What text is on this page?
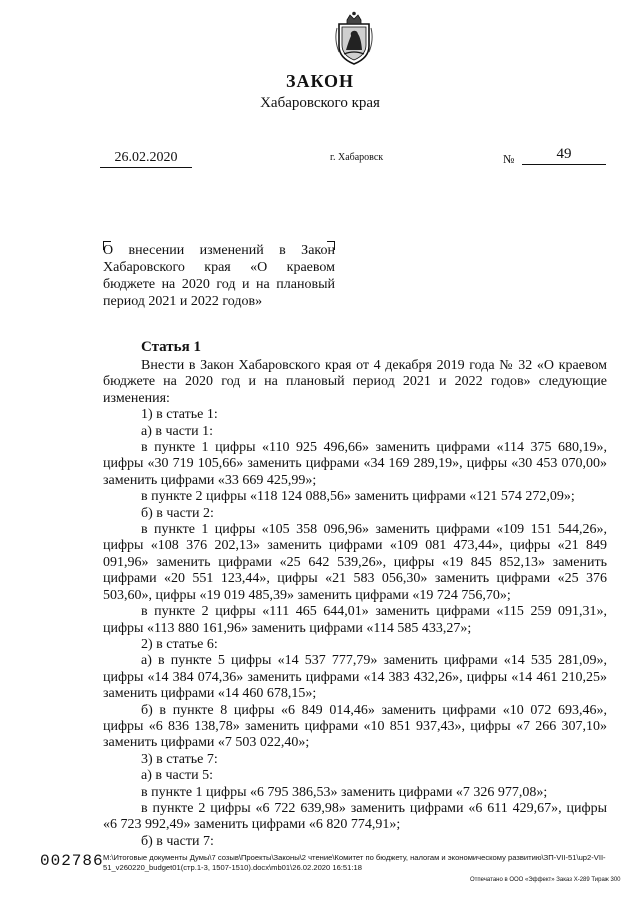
ЗАКОН
Хабаровского края
26.02.2020	г. Хабаровск	№	49
О внесении изменений в Закон Хабаровского края «О краевом бюджете на 2020 год и на плановый период 2021 и 2022 годов»
Статья 1

Внести в Закон Хабаровского края от 4 декабря 2019 года № 32 «О краевом бюджете на 2020 год и на плановый период 2021 и 2022 годов» следующие изменения:

1) в статье 1:

а) в части 1:

в пункте 1 цифры «110 925 496,66» заменить цифрами «114 375 680,19», цифры «30 719 105,66» заменить цифрами «34 169 289,19», цифры «30 453 070,00» заменить цифрами «33 669 425,99»;

в пункте 2 цифры «118 124 088,56» заменить цифрами «121 574 272,09»;

б) в части 2:

в пункте 1 цифры «105 358 096,96» заменить цифрами «109 151 544,26», цифры «108 376 202,13» заменить цифрами «109 081 473,44», цифры «21 849 091,96» заменить цифрами «25 642 539,26», цифры «19 845 852,13» заменить цифрами «20 551 123,44», цифры «21 583 056,30» заменить цифрами «25 376 503,60», цифры «19 019 485,39» заменить цифрами «19 724 756,70»;

в пункте 2 цифры «111 465 644,01» заменить цифрами «115 259 091,31», цифры «113 880 161,96» заменить цифрами «114 585 433,27»;

2) в статье 6:

а) в пункте 5 цифры «14 537 777,79» заменить цифрами «14 535 281,09», цифры «14 384 074,36» заменить цифрами «14 383 432,26», цифры «14 461 210,25» заменить цифрами «14 460 678,15»;

б) в пункте 8 цифры «6 849 014,46» заменить цифрами «10 072 693,46», цифры «6 836 138,78» заменить цифрами «10 851 937,43», цифры «7 266 307,10» заменить цифрами «7 503 022,40»;

3) в статье 7:

а) в части 5:

в пункте 1 цифры «6 795 386,53» заменить цифрами «7 326 977,08»;

в пункте 2 цифры «6 722 639,98» заменить цифрами «6 611 429,67», цифры «6 723 992,49» заменить цифрами «6 820 774,91»;

б) в части 7:

002786 M:\Итоговые документы Думы\7 созыв\Проекты\Законы\2 чтение\Комитет по бюджету, налогам и экономическому развитию\ЗП-VII-51\up2-VII-51_v260220_budget01(стр.1-3, 1507-1510).docx\mb01\26.02.2020 16:51:18
Отпечатано в ООО «Эффект» Заказ Х-289 Тираж 300
